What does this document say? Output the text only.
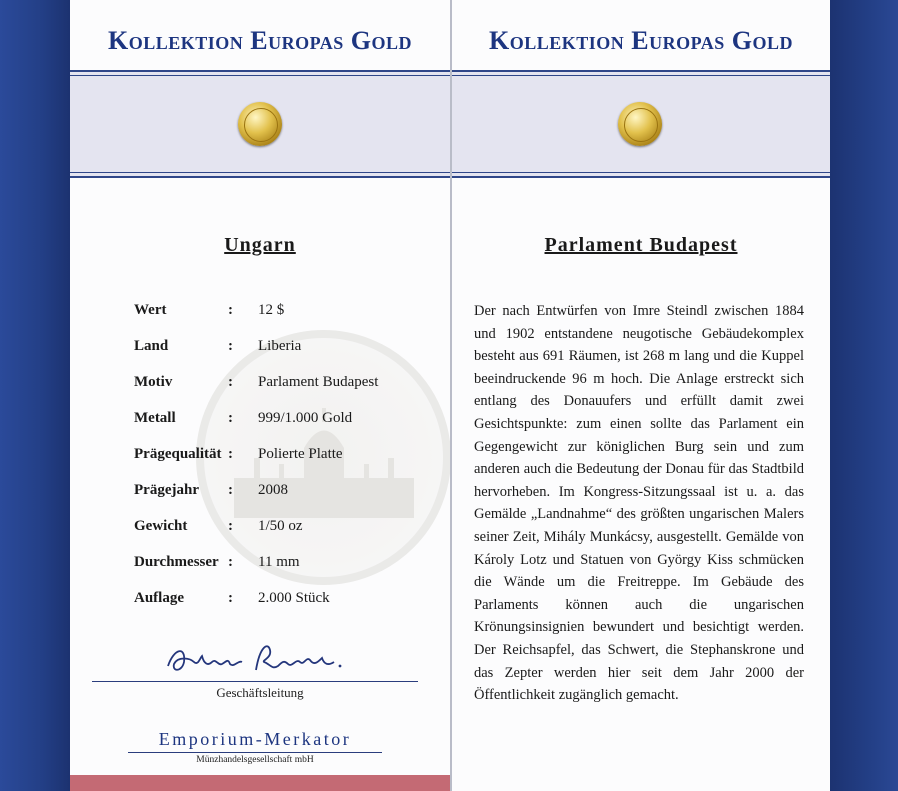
Kollektion Europas Gold
Ungarn
Wert	: 12 $
Land	: Liberia
Motiv	: Parlament Budapest
Metall	: 999/1.000 Gold
Prägequalität : Polierte Platte
Prägejahr : 2008
Gewicht	: 1/50 oz
Durchmesser : 11 mm
Auflage	: 2.000 Stück
Geschäftsleitung
Emporium-Merkator
Münzhandelsgesellschaft mbH
Kollektion Europas Gold
Parlament Budapest
Der nach Entwürfen von Imre Steindl zwischen 1884 und 1902 entstandene neugotische Gebäudekomplex besteht aus 691 Räumen, ist 268 m lang und die Kuppel beeindruckende 96 m hoch. Die Anlage erstreckt sich entlang des Donauufers und erfüllt damit zwei Gesichtspunkte: zum einen sollte das Parlament ein Gegengewicht zur königlichen Burg sein und zum anderen auch die Bedeutung der Donau für das Stadtbild hervorheben. Im Kongress-Sitzungssaal ist u. a. das Gemälde „Landnahme“ des größten ungarischen Malers seiner Zeit, Mihály Munkácsy, ausgestellt. Gemälde von Károly Lotz und Statuen von György Kiss schmücken die Wände um die Freitreppe. Im Gebäude des Parlaments können auch die ungarischen Krönungsinsignien bewundert und besichtigt werden. Der Reichsapfel, das Schwert, die Stephanskrone und das Zepter werden hier seit dem Jahr 2000 der Öffentlichkeit zugänglich gemacht.
